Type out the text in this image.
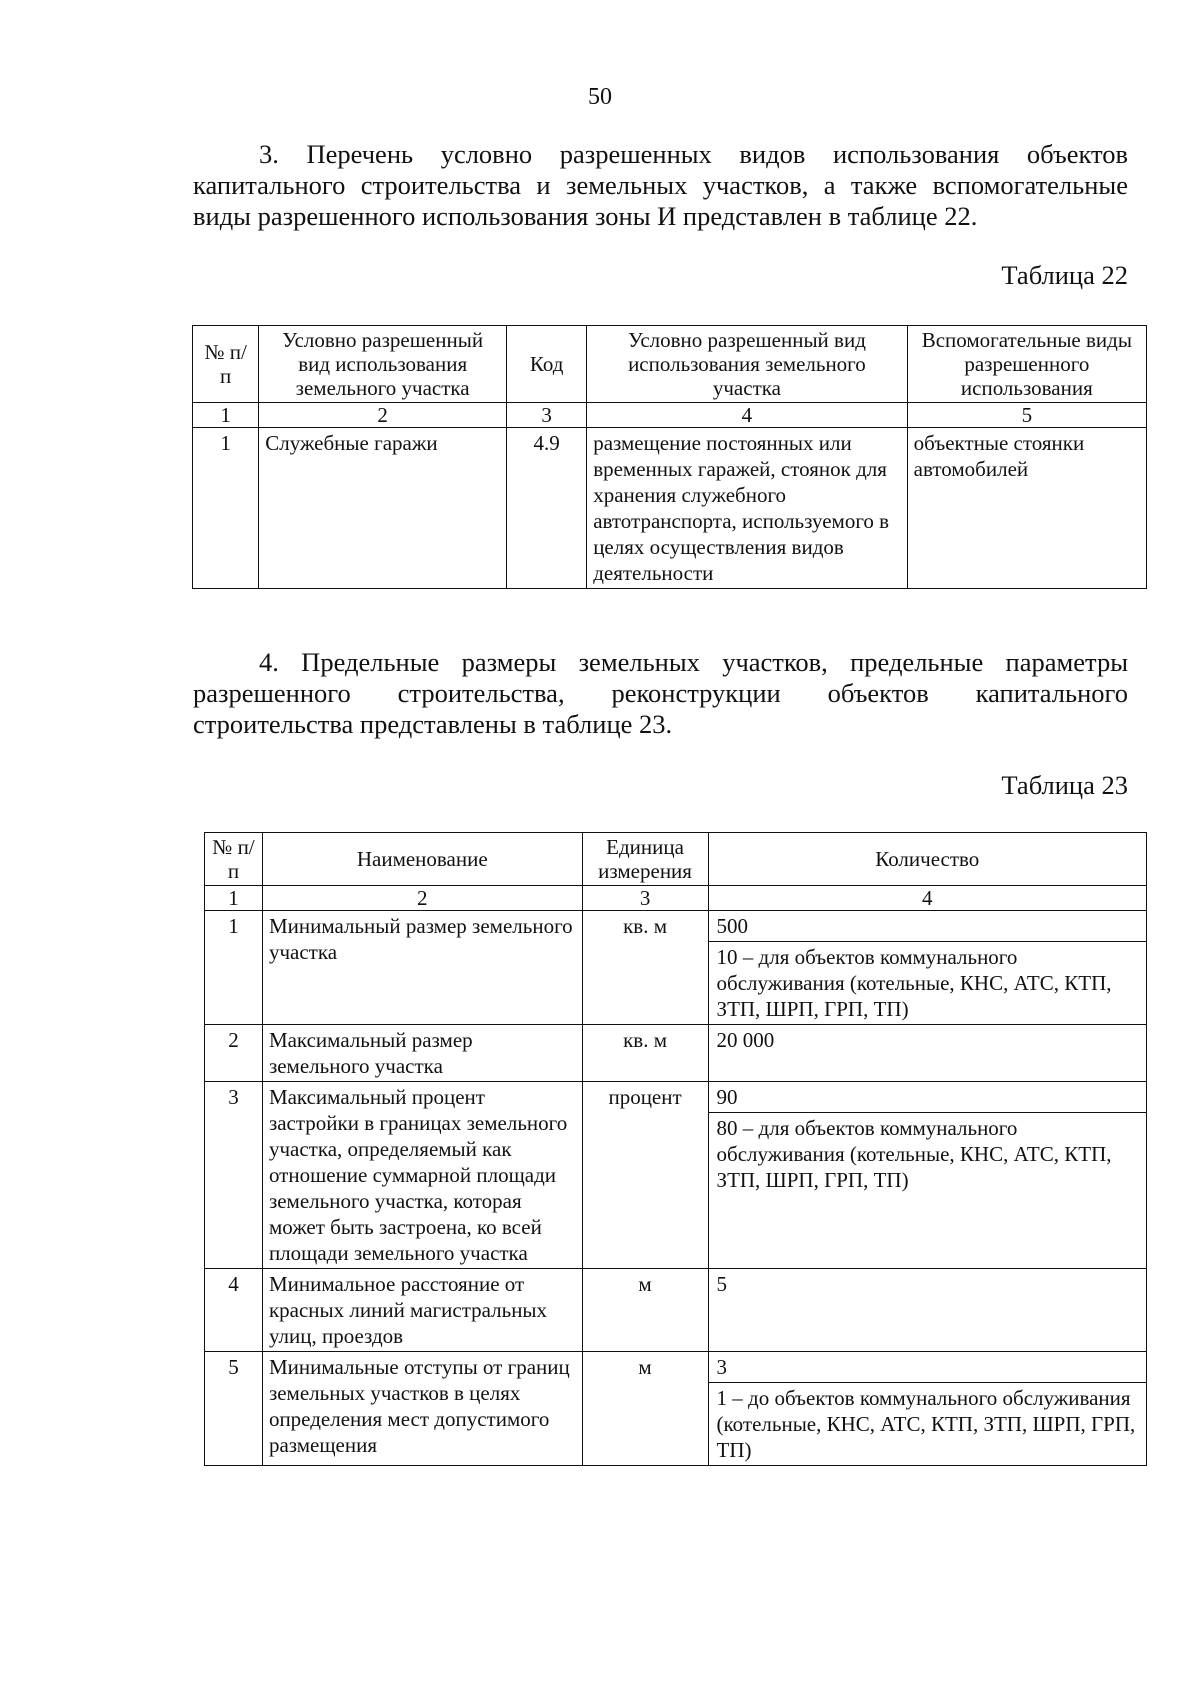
50

3. Перечень условно разрешенных видов использования объектов капитального строительства и земельных участков, а также вспомогательные виды разрешенного использования зоны И представлен в таблице 22.

Таблица 22
№ п/п	Условно разрешенный вид использования земельного участка	Код	Условно разрешенный вид использования земельного участка	Вспомогательные виды разрешенного использования
1	2	3	4	5
1	Служебные гаражи	4.9	размещение постоянных или временных гаражей, стоянок для хранения служебного автотранспорта, используемого в целях осуществления видов деятельности	объектные стоянки автомобилей

4. Предельные размеры земельных участков, предельные параметры разрешенного строительства, реконструкции объектов капитального строительства представлены в таблице 23.

Таблица 23
№ п/п	Наименование	Единица измерения	Количество
1	2	3	4
1	Минимальный размер земельного участка	кв. м	500
10 – для объектов коммунального обслуживания (котельные, КНС, АТС, КТП, ЗТП, ШРП, ГРП, ТП)

2	Максимальный размер земельного участка	кв. м	20 000

3	Максимальный процент застройки в границах земельного участка, определяемый как отношение суммарной площади земельного участка, которая может быть застроена, ко всей площади земельного участка	процент	90
80 – для объектов коммунального обслуживания (котельные, КНС, АТС, КТП, ЗТП, ШРП, ГРП, ТП)

4	Минимальное расстояние от красных линий магистральных улиц, проездов	м	5

5	Минимальные отступы от границ земельных участков в целях определения мест допустимого размещения	м	3
1 – до объектов коммунального обслуживания (котельные, КНС, АТС, КТП, ЗТП, ШРП, ГРП, ТП)
